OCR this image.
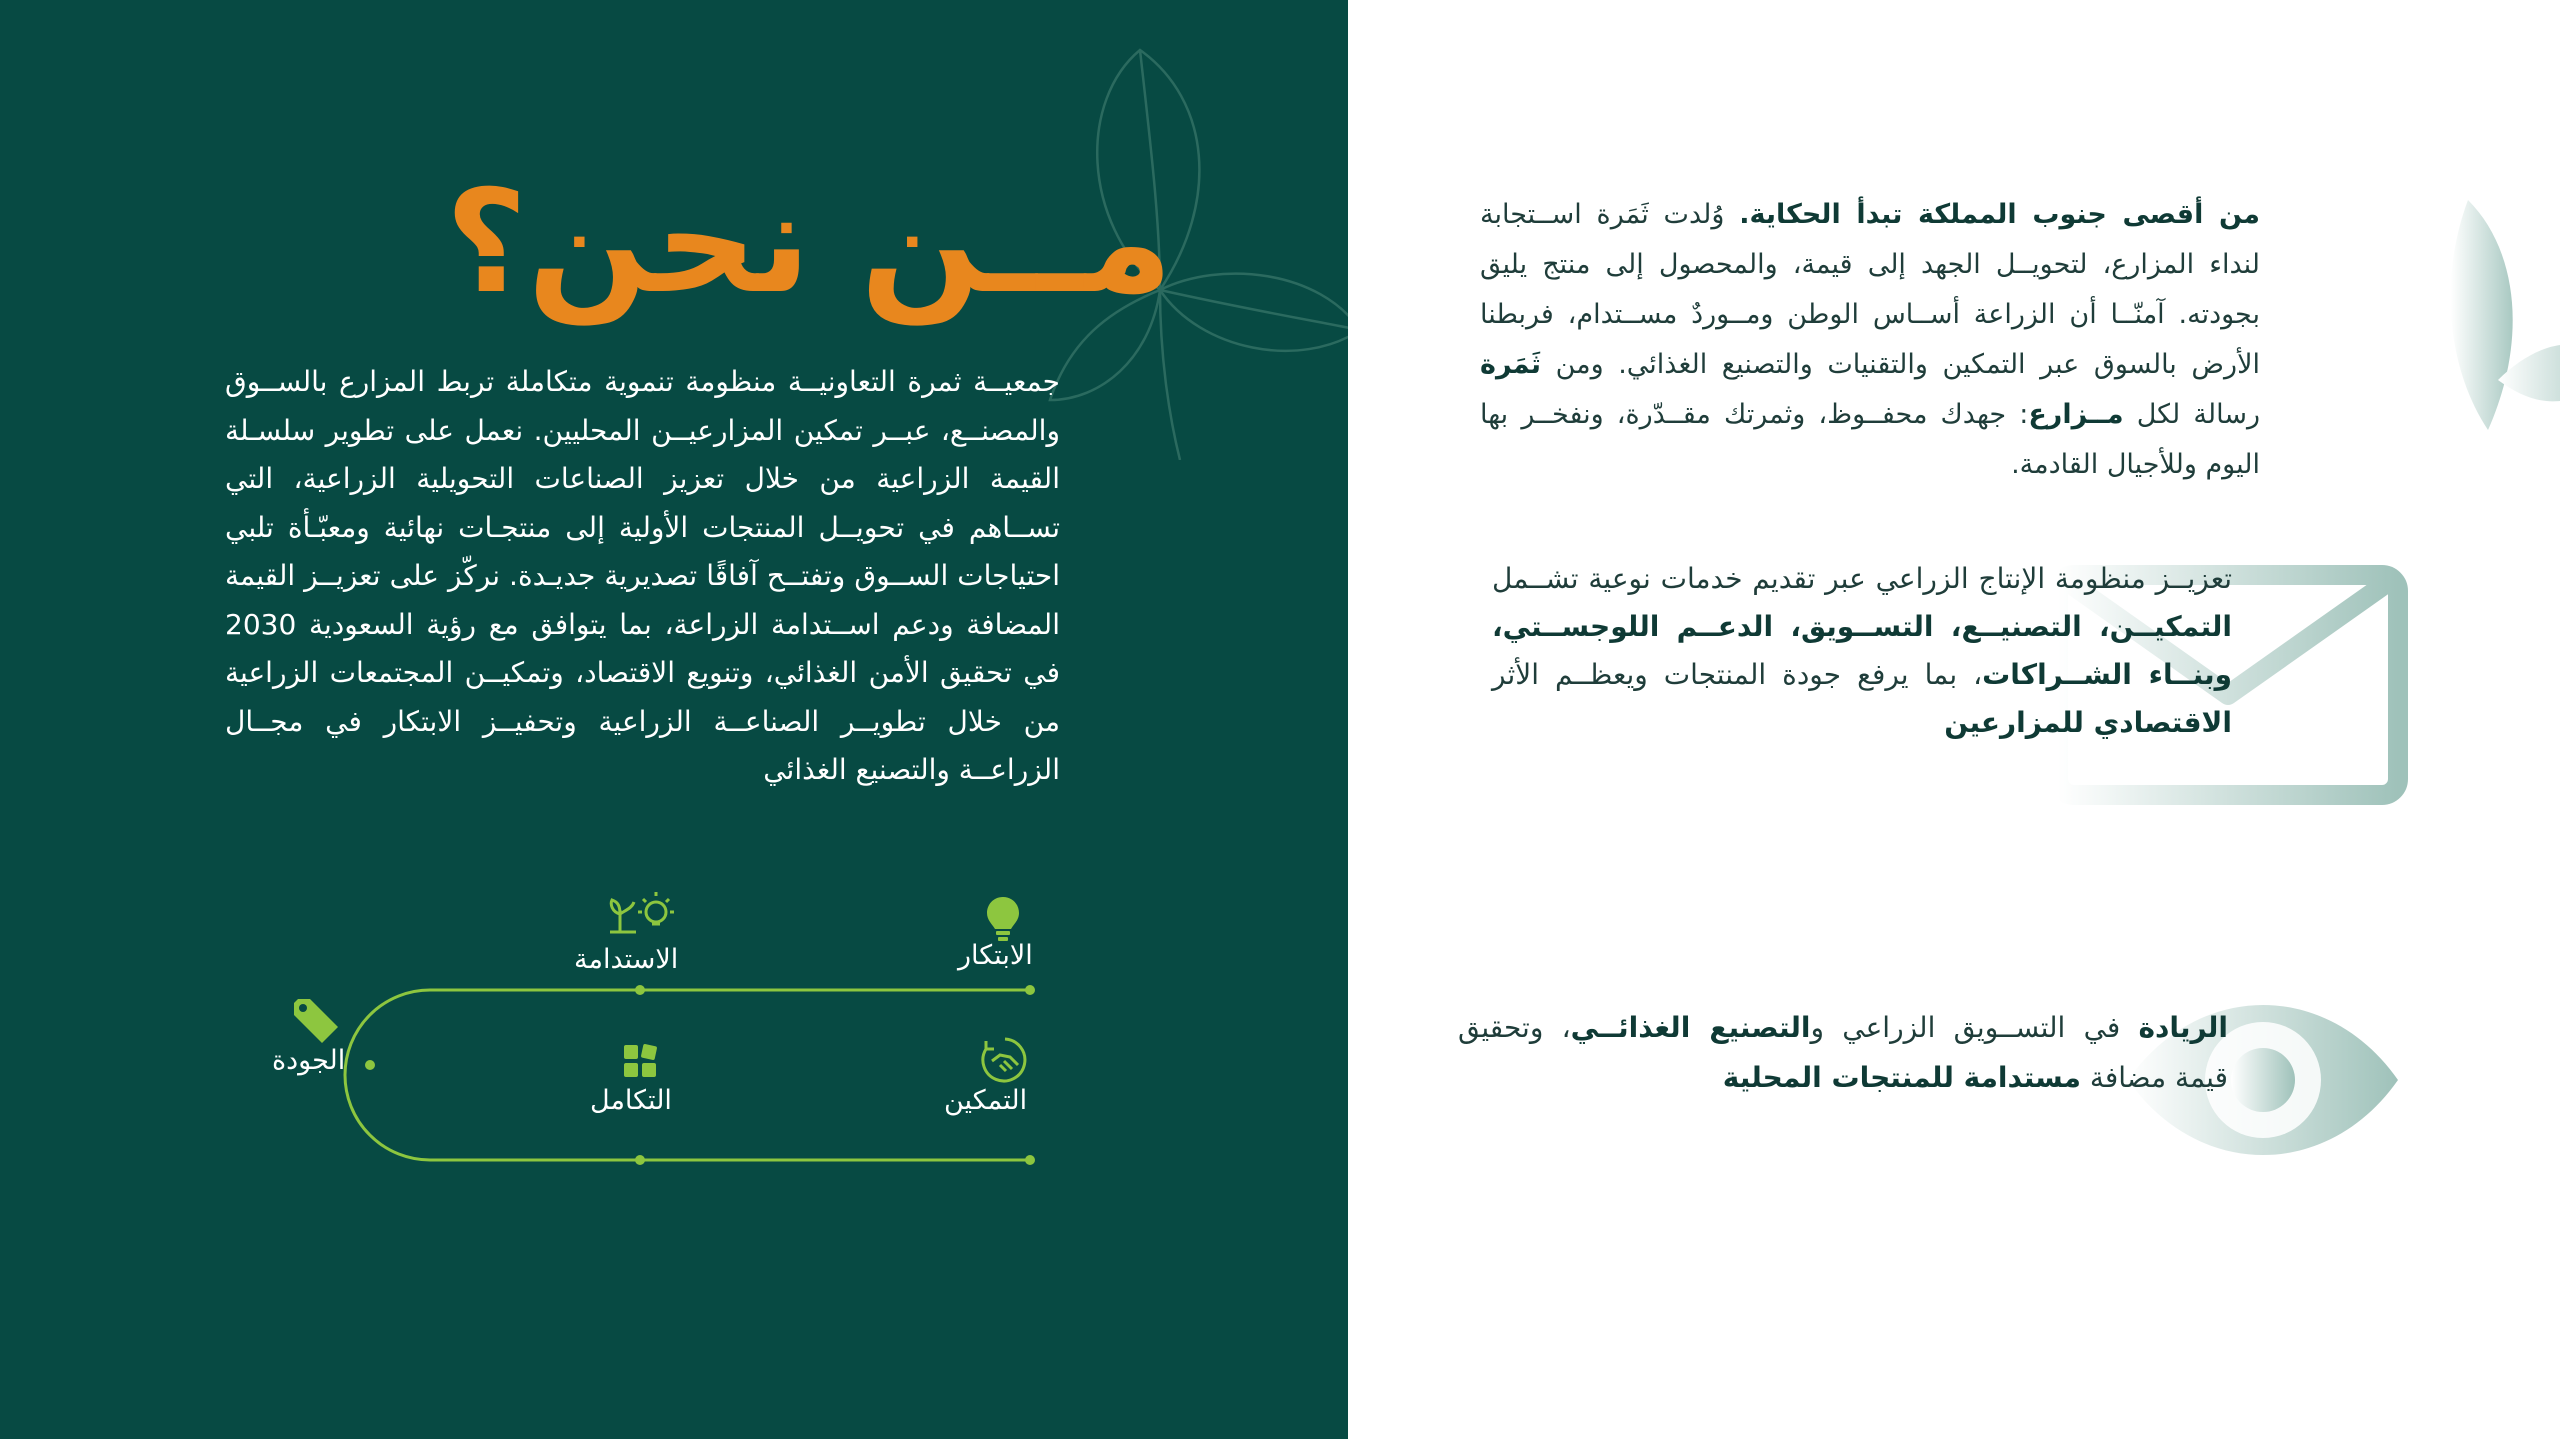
مــن نحن؟
جمعيــة ثمرة التعاونيــة منظومة تنموية متكاملة تربط المزارع بالســوق والمصنــع، عبــر تمكين المزارعيــن المحليين. نعمل على تطوير سلسـلة القيمة الزراعية من خلال تعزيز الصناعات التحويلية الزراعية، التي تســاهم في تحويــل المنتجات الأولية إلى منتجـات نهائية ومعبّـأة تلبي احتياجات الســوق وتفتــح آفاقًا تصديرية جديـدة. نركّز على تعزيــز القيمة المضافة ودعم اســتدامة الزراعة، بما يتوافق مع رؤية السعودية 2030 في تحقيق الأمن الغذائي، وتنويع الاقتصاد، وتمكيــن المجتمعات الزراعية من خلال تطويــر الصناعــة الزراعية وتحفيــز الابتكار في مجــال الزراعــة والتصنيع الغذائي
الابتكار
الاستدامة
الجودة
التمكين
التكامل
من أقصى جنوب المملكة تبدأ الحكاية. وُلدت ثَمَرة اســتجابة لنداء المزارع، لتحويــل الجهد إلى قيمة، والمحصول إلى منتج يليق بجودته. آمنّــا أن الزراعة أســاس الوطن ومــوردٌ مســتدام، فربطنا الأرض بالسوق عبر التمكين والتقنيات والتصنيع الغذائي. ومن ثَمَرة رسالة لكل مــزارع: جهدك محفــوظ، وثمرتك مقــدّرة، ونفخــر بها اليوم وللأجيال القادمة.
تعزيــز منظومة الإنتاج الزراعي عبر تقديم خدمات نوعية تشــمل التمكيــن، التصنيــع، التســويق، الدعــم اللوجســتي، وبنــاء الشــراكات، بما يرفع جودة المنتجات ويعظــم الأثر الاقتصادي للمزارعين
الريادة في التســويق الزراعي والتصنيع الغذائــي، وتحقيق قيمة مضافة مستدامة للمنتجات المحلية
